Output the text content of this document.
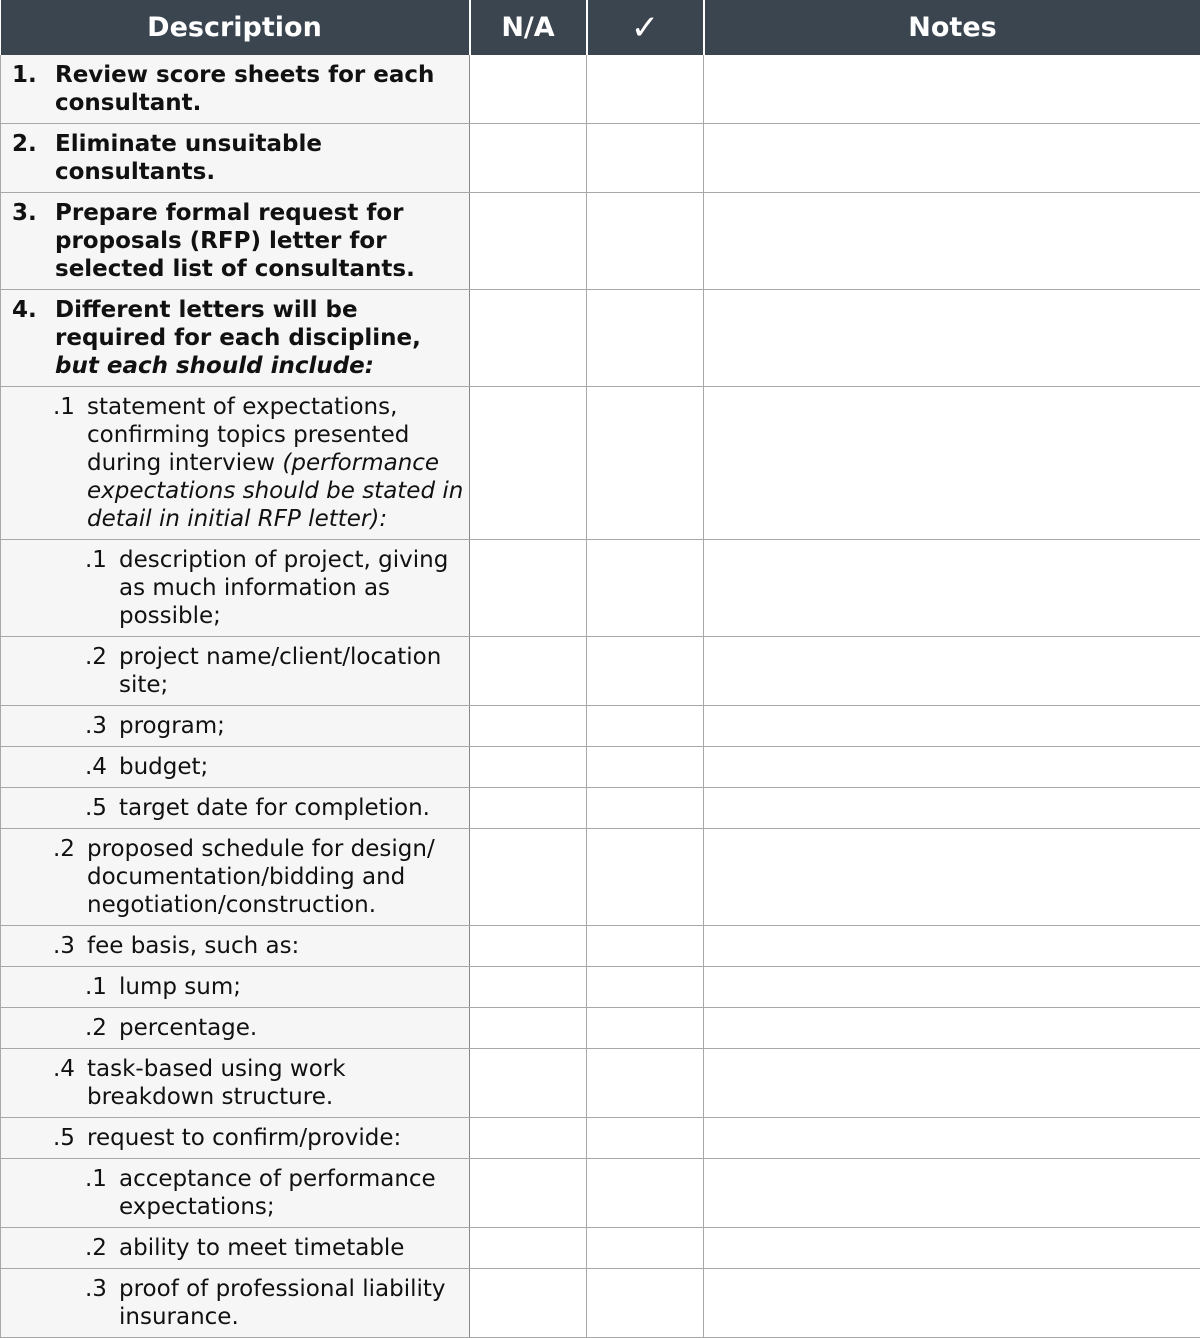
Description	N/A	✓	Notes

1. Review score sheets for each consultant.			

2. Eliminate unsuitable consultants.			

3. Prepare formal request for proposals (RFP) letter for selected list of consultants.			

4. Different letters will be required for each discipline, but each should include:			

.1 statement of expectations, confirming topics presented during interview (performance expectations should be stated in detail in initial RFP letter):			

.1 description of project, giving as much information as possible;			

.2 project name/client/location site;			

.3 program;			

.4 budget;			

.5 target date for completion.			

.2 proposed schedule for design/ documentation/bidding and negotiation/construction.			

.3 fee basis, such as:			

.1 lump sum;			

.2 percentage.			

.4 task-based using work breakdown structure.			

.5 request to confirm/provide:			

.1 acceptance of performance expectations;			

.2 ability to meet timetable			

.3 proof of professional liability insurance.			
